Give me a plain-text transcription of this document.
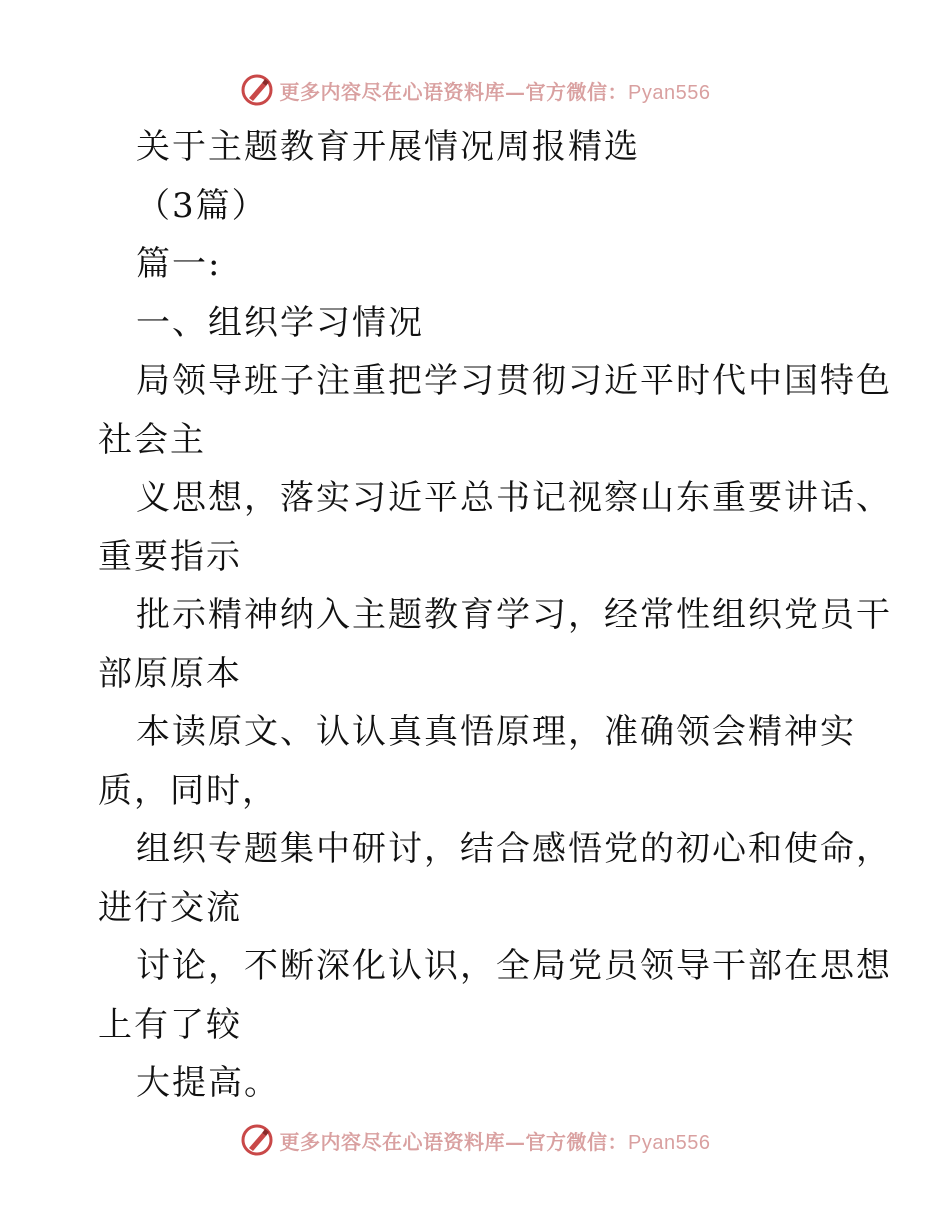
更多内容尽在心语资料库—官方微信：Pyan556
关于主题教育开展情况周报精选
（3篇）
篇一:
一、组织学习情况
局领导班子注重把学习贯彻习近平时代中国特色
社会主
义思想，落实习近平总书记视察山东重要讲话、
重要指示
批示精神纳入主题教育学习，经常性组织党员干
部原原本
本读原文、认认真真悟原理，准确领会精神实
质，同时，
组织专题集中研讨，结合感悟党的初心和使命，
进行交流
讨论，不断深化认识，全局党员领导干部在思想
上有了较
大提高。
更多内容尽在心语资料库—官方微信：Pyan556
